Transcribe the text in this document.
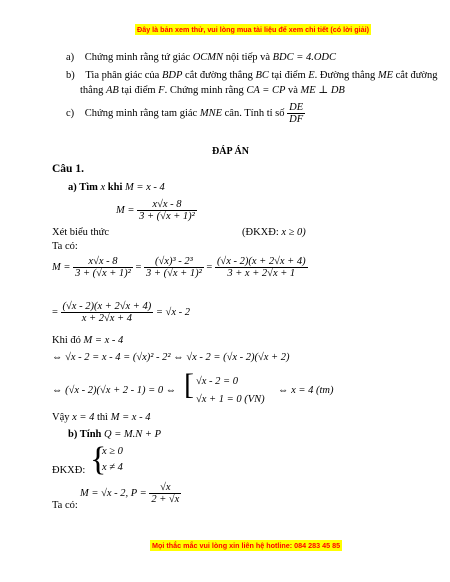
Đây là bản xem thử, vui lòng mua tài liệu để xem chi tiết (có lời giải)
a) Chứng minh rằng tứ giác OCMN nội tiếp và BDC = 4.ODC
b) Tia phân giác của BDP cắt đường thẳng BC tại điểm E. Đường thẳng ME cắt đường
thẳng AB tại điểm F. Chứng minh rằng CA = CP và ME ⊥ DB
c) Chứng minh rằng tam giác MNE cân. Tính tỉ số $\frac{DE}{DF}$
ĐÁP ÁN
Câu 1.
a) Tìm x khi M = x - 4
$M = \frac{x√x - 8}{\text{3 + (√x + 1)²}}$
Xét biểu thức	(ĐKXĐ: x ≥ 0)
Ta có:
$M = \frac{x√x - 8}{\text{3 + (√x + 1)²}} = \frac{\text{(√x)³ - 2³}}{\text{3 + (√x + 1)²}} = \frac{(√x - 2)(x + 2√x + 4)}{3 + x + 2√x + 1}$
= $\frac{(√x - 2)(x + 2√x + 4)}{x + 2√x + 4} = √x - 2$
Khi đó M = x - 4
⇔ √x - 2 = x - 4 = (√x)² - 2² ⇔ √x - 2 = (√x - 2)(√x + 2)
⇔ (√x - 2)(√x + 2 - 1) = 0 ⇔ [ √x - 2 = 0
√x + 1 = 0 (VN)
⇔ x = 4 (tm)
Vậy x = 4 thì M = x - 4
b) Tính Q = M.N + P
{
x ≥ 0
x ≠ 4
ĐKXĐ:
M = √x - 2, $P = \frac{√x}{2 + √x}$
Ta có:
Mọi thắc mắc vui lòng xin liên hệ hotline: 084 283 45 85
